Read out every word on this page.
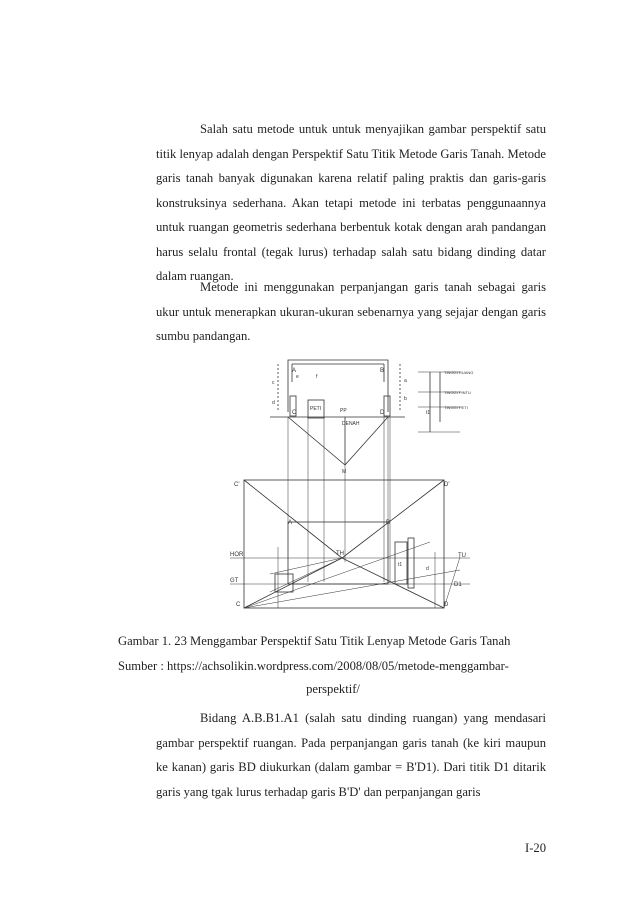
Salah satu metode untuk untuk menyajikan gambar perspektif satu titik lenyap adalah dengan Perspektif Satu Titik Metode Garis Tanah. Metode garis tanah banyak digunakan karena relatif paling praktis dan garis-garis konstruksinya sederhana. Akan tetapi metode ini terbatas penggunaannya untuk ruangan geometris sederhana berbentuk kotak dengan arah pandangan harus selalu frontal (tegak lurus) terhadap salah satu bidang dinding datar dalam ruangan.

Metode ini menggunakan perpanjangan garis tanah sebagai garis ukur untuk menerapkan ukuran-ukuran sebenarnya yang sejajar dengan garis sumbu pandangan.

A	B
C	D
PETI	PP
DENAH
M
c
d
e	f
a
b
t1
TINGGI RUANG
TINGGI PINTU
TINGGI PETI
C'	D'
A	B
HOR
GT
TH	TU
D1
t1
d
C	D

Gambar 1. 23 Menggambar Perspektif Satu Titik Lenyap Metode Garis Tanah

Sumber : https://achsolikin.wordpress.com/2008/08/05/metode-menggambar-

perspektif/

Bidang A.B.B1.A1 (salah satu dinding ruangan) yang mendasari gambar perspektif ruangan. Pada perpanjangan garis tanah (ke kiri maupun ke kanan) garis BD diukurkan (dalam gambar = B'D1). Dari titik D1 ditarik garis yang tgak lurus terhadap garis B'D' dan perpanjangan garis

I-20
